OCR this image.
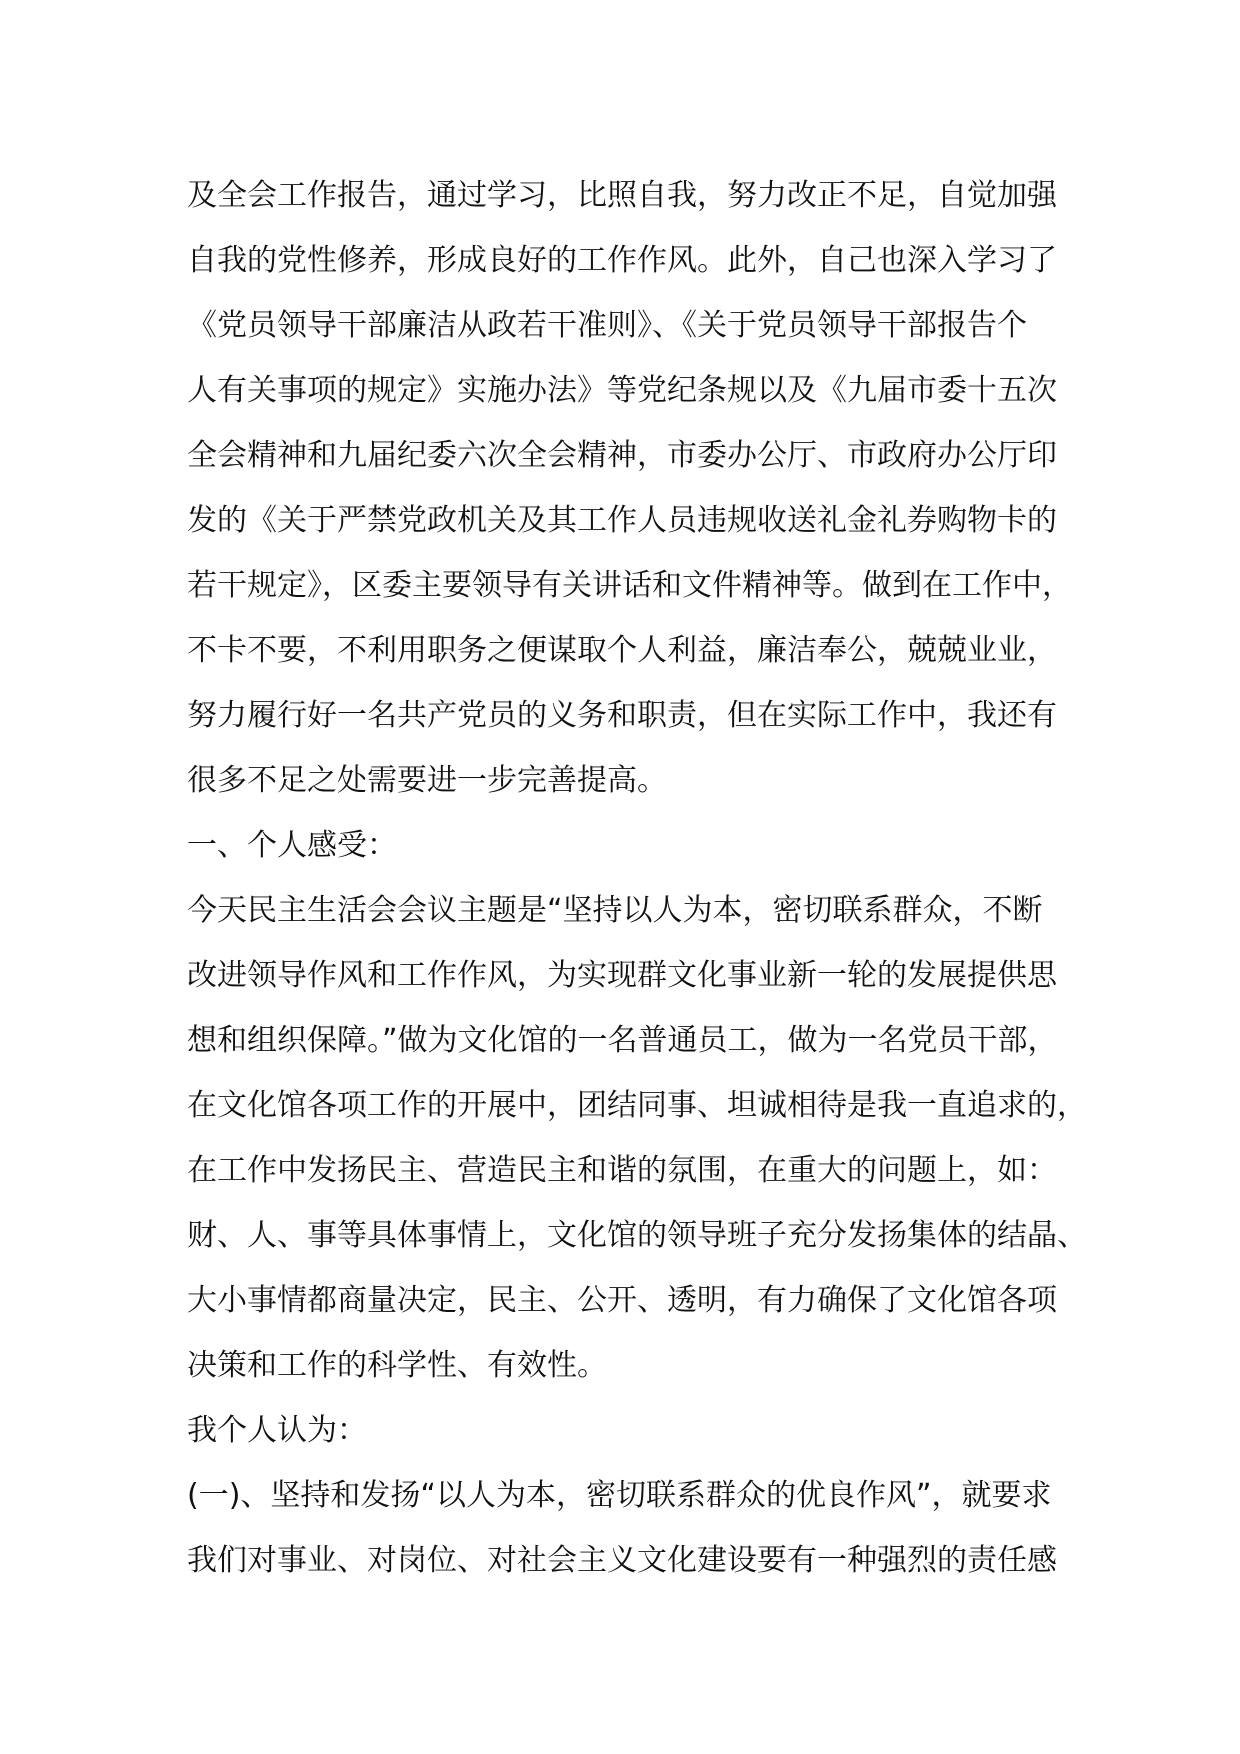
及全会工作报告，通过学习，比照自我，努力改正不足，自觉加强
自我的党性修养，形成良好的工作作风。此外，自己也深入学习了
《党员领导干部廉洁从政若干准则》、《关于党员领导干部报告个
人有关事项的规定》实施办法》等党纪条规以及《九届市委十五次
全会精神和九届纪委六次全会精神，市委办公厅、市政府办公厅印
发的《关于严禁党政机关及其工作人员违规收送礼金礼券购物卡的
若干规定》，区委主要领导有关讲话和文件精神等。做到在工作中，
不卡不要，不利用职务之便谋取个人利益，廉洁奉公，兢兢业业，
努力履行好一名共产党员的义务和职责，但在实际工作中，我还有
很多不足之处需要进一步完善提高。
一、个人感受：
今天民主生活会会议主题是“坚持以人为本，密切联系群众，不断
改进领导作风和工作作风，为实现群文化事业新一轮的发展提供思
想和组织保障。”做为文化馆的一名普通员工，做为一名党员干部，
在文化馆各项工作的开展中，团结同事、坦诚相待是我一直追求的，
在工作中发扬民主、营造民主和谐的氛围，在重大的问题上，如：
财、人、事等具体事情上，文化馆的领导班子充分发扬集体的结晶、
大小事情都商量决定，民主、公开、透明，有力确保了文化馆各项
决策和工作的科学性、有效性。
我个人认为：
(一)、坚持和发扬“以人为本，密切联系群众的优良作风”，就要求
我们对事业、对岗位、对社会主义文化建设要有一种强烈的责任感
